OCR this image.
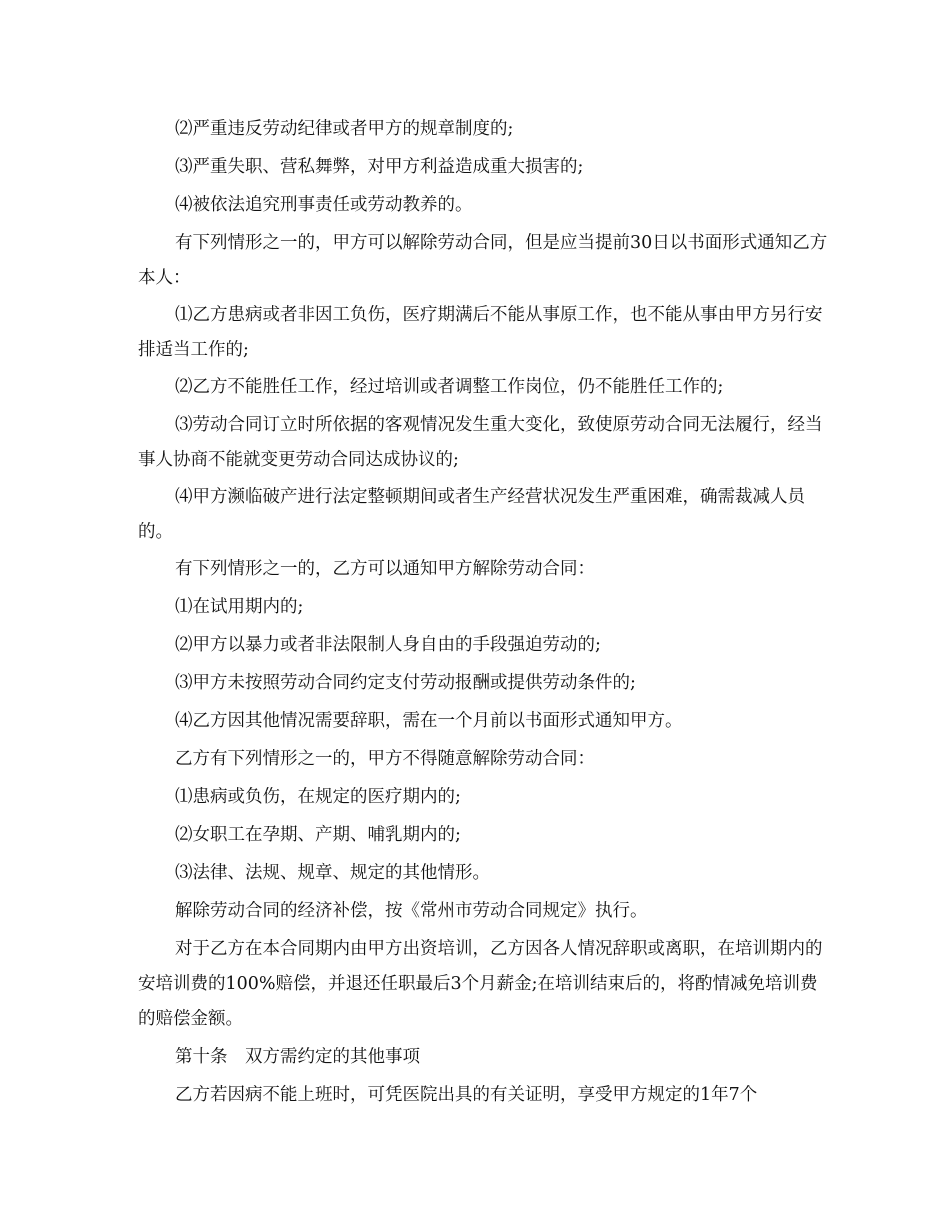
⑵严重违反劳动纪律或者甲方的规章制度的;

⑶严重失职、营私舞弊，对甲方利益造成重大损害的;

⑷被依法追究刑事责任或劳动教养的。

有下列情形之一的，甲方可以解除劳动合同，但是应当提前30日以书面形式通知乙方本人：

⑴乙方患病或者非因工负伤，医疗期满后不能从事原工作，也不能从事由甲方另行安排适当工作的;

⑵乙方不能胜任工作，经过培训或者调整工作岗位，仍不能胜任工作的;

⑶劳动合同订立时所依据的客观情况发生重大变化，致使原劳动合同无法履行，经当事人协商不能就变更劳动合同达成协议的;

⑷甲方濒临破产进行法定整顿期间或者生产经营状况发生严重困难，确需裁减人员的。

有下列情形之一的，乙方可以通知甲方解除劳动合同：

⑴在试用期内的;

⑵甲方以暴力或者非法限制人身自由的手段强迫劳动的;

⑶甲方未按照劳动合同约定支付劳动报酬或提供劳动条件的;

⑷乙方因其他情况需要辞职，需在一个月前以书面形式通知甲方。

乙方有下列情形之一的，甲方不得随意解除劳动合同：

⑴患病或负伤，在规定的医疗期内的;

⑵女职工在孕期、产期、哺乳期内的;

⑶法律、法规、规章、规定的其他情形。

解除劳动合同的经济补偿，按《常州市劳动合同规定》执行。

对于乙方在本合同期内由甲方出资培训，乙方因各人情况辞职或离职，在培训期内的安培训费的100%赔偿，并退还任职最后3个月薪金;在培训结束后的，将酌情减免培训费的赔偿金额。

第十条　双方需约定的其他事项

乙方若因病不能上班时，可凭医院出具的有关证明，享受甲方规定的1年7个
